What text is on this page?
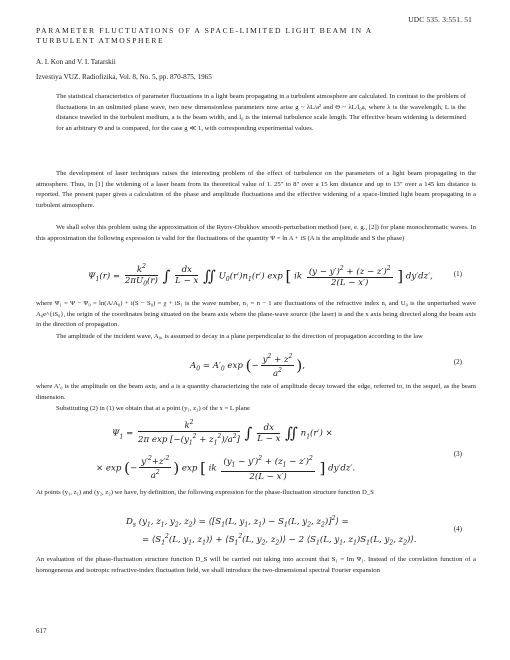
UDC 535. 3:551. 51
PARAMETER FLUCTUATIONS OF A SPACE-LIMITED LIGHT BEAM IN A TURBULENT ATMOSPHERE
A. I. Kon and V. I. Tatarskii
Izvestiya VUZ. Radiofizika, Vol. 8, No. 5, pp. 870-875, 1965
The statistical characteristics of parameter fluctuations in a light beam propagating in a turbulent atmosphere are calculated. In contrast to the problem of fluctuations in an unlimited plane wave, two new dimensionless parameters now arise g ~ λL/a² and Θ ~ λL/l₀a, where λ is the wavelength, L is the distance traveled in the turbulent medium, a is the beam width, and l₀ is the internal turbulence scale length. The effective beam widening is determined for an arbitrary Θ and is compared, for the case g ≪ 1, with corresponding experimental values.
The development of laser techniques raises the interesting problem of the effect of turbulence on the parameters of a light beam propagating in the atmosphere. Thus, in [1] the widening of a laser beam from its theoretical value of 1. 25" to 8" over a 15 km distance and up to 13" over a 145 km distance is reported. The present paper gives a calculation of the phase and amplitude fluctuations and the effective widening of a space-limited light beam propagating in a turbulent atmosphere.
We shall solve this problem using the approximation of the Rytov-Obukhov smooth-perturbation method (see, e. g., [2]) for plane monochromatic waves. In this approximation the following expression is valid for the fluctuations of the quantity Ψ = ln A + iS (A is the amplitude and S the phase)
$\Psi_1(r) = \frac{k^2}{2\pi U_0(r)}$ ∫ $\frac{dx}{L - x}$ ∬ $U_0(r')n_1(r')$ exp [ ik $\frac{(y - y')^2 + (z - z')^2}{2(L - x')}$ ] dy′dz′,	(1)
where Ψ₁ = Ψ − Ψ₀ = ln(A/A₀) + i(S − S₀) = χ + iS₁ is the wave number, n₁ = n − 1 are fluctuations of the refractive index n, and U₀ is the unperturbed wave A₀e^{iS₀}, the origin of the coordinates being situated on the beam axis where the plane-wave source (the laser) is and the x axis being directed along the beam axis in the direction of propagation.
The amplitude of the incident wave, A₀, is assumed to decay in a plane perpendicular to the direction of propagation according to the law
$A_0 = A'_0$ exp (− $\frac{y^2 + z^2}{a^2}$ ),	(2)
where A′₀ is the amplitude on the beam axis, and a is a quantity characterizing the rate of amplitude decay toward the edge, referred to, in the sequel, as the beam dimension.
Substituting (2) in (1) we obtain that at a point (y₁, z₁) of the x = L plane
$\Psi_1 = \frac{k^2}{2\pi \exp [-(y_1^2 + z_1^2)/a^2]}$ ∫ $\frac{dx}{L - x}$ ∬ $n_1(r')$ ×
× exp (− $\frac{y'^2+z'^2}{a^2}$ ) exp [ ik $\frac{(y_1 - y')^2 + (z_1 - z')^2}{2(L - x')}$ ] dy′dz′.
(3)
At points (y₁, z₁) and (y₂, z₂) we have, by definition, the following expression for the phase-fluctuation structure function D_S
$D_s$ ($y_1$, $z_1$, $y_2$, $z_2$) = $⟨[S_1(L$, $y_1$, $z_1) - S_1(L$, $y_2$, $z_2)]^2⟩$ =
= $⟨S_1^2(L$, $y_1$, $z_1)⟩$ + $⟨S_1^2(L$, $y_2$, $z_2)⟩ - 2$ $⟨S_1(L$, $y_1$, $z_1)S_1(L$, $y_2$, $z_2)⟩$.
(4)
An evaluation of the phase-fluctuation structure function D_S will be carried out taking into account that S₁ = Im Ψ₁. Instead of the correlation function of a homogeneous and isotropic refractive-index fluctuation field, we shall introduce the two-dimensional spectral Fourier expansion
617
